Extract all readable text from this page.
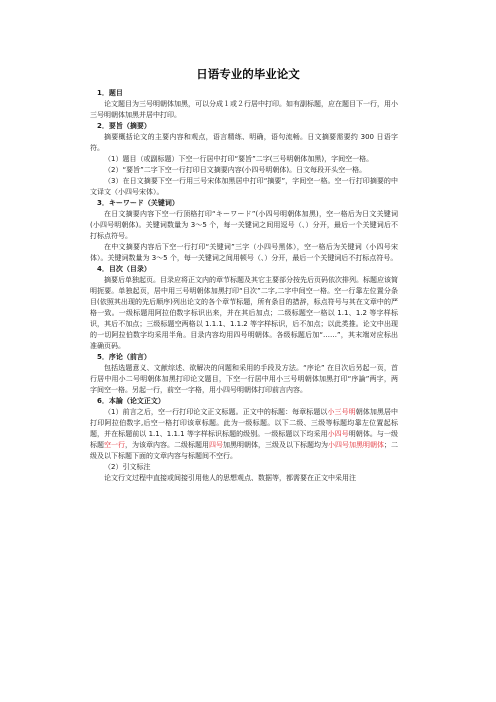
日语专业的毕业论文

1．题目

论文题目为三号明朝体加黑，可以分成１或２行居中打印。如有副标题，应在题目下一行，用小三号明朝体加黑并居中打印。

2．要旨（摘要）

摘要概括论文的主要内容和观点，语言精练、明确，语句流畅。日文摘要需要约 300 日语字符。

（1）题目（或副标题）下空一行居中打印“要旨”二字(三号明朝体加黑)，字间空一格。

（2）“要旨”二字下空一行打印日文摘要内容(小四号明朝体)。日文每段开头空一格。

（3）在日文摘要下空一行用三号宋体加黑居中打印“摘要”，字间空一格。空一行打印摘要的中文译文（小四号宋体）。

3．キーワード（关键词）

在日文摘要内容下空一行顶格打印“キーワード”(小四号明朝体加黑)，空一格后为日文关键词(小四号明朝体)。关键词数量为 3～5 个，每一关键词之间用逗号（、）分开，最后一个关键词后不打标点符号。

在中文摘要内容后下空一行打印“关键词”三字（小四号黑体），空一格后为关键词（小四号宋体）。关键词数量为 3～5 个，每一关键词之间用顿号（、）分开，最后一个关键词后不打标点符号。

4．目次（目录）

摘要后单独起页。目录应将正文内的章节标题及其它主要部分按先后页码依次排列。标题应该简明扼要。单独起页，居中用三号明朝体加黑打印“目次”二字,二字中间空一格。空一行靠左位置分条目(依照其出现的先后顺序)列出论文的各个章节标题，所有条目的措辞，标点符号与其在文章中的严格一致。一级标题用阿拉伯数字标识出来，并在其后加点；二级标题空一格以 1.1、1.2 等字样标识，其后不加点；三级标题空两格以 1.1.1、1.1.2 等字样标识，后不加点；以此类推。论文中出现的一切阿拉伯数字均采用半角。目录内容均用四号明朝体。各级标题后加“……”，其末端对应标出准确页码。

5．序论（前言）

包括选题意义、文献综述、欲解决的问题和采用的手段及方法。“序论” 在目次后另起一页，首行居中用小二号明朝体加黑打印论文题目，下空一行居中用小三号明朝体加黑打印“序論”两字，两字间空一格。另起一行，前空一字格，用小四号明朝体打印前言内容。

6．本論（论文正文）

（1）前言之后，空一行打印论文正文标题。正文中的标题：每章标题以小三号明朝体加黑居中打印阿拉伯数字,后空一格打印该章标题。此为一级标题。以下二级、三级等标题均靠左位置起标题，并在标题前以 1.1、1.1.1 等字样标识标题的级别。一级标题以下均采用小四号明朝体。与一级标题空一行，为该章内容。二级标题用四号加黑明朝体，三级及以下标题均为小四号加黑明朝体；二级及以下标题下面的文章内容与标题间不空行。

（2）引文标注

论文行文过程中直接或间接引用他人的思想观点、数据等，都需要在正文中采用注
